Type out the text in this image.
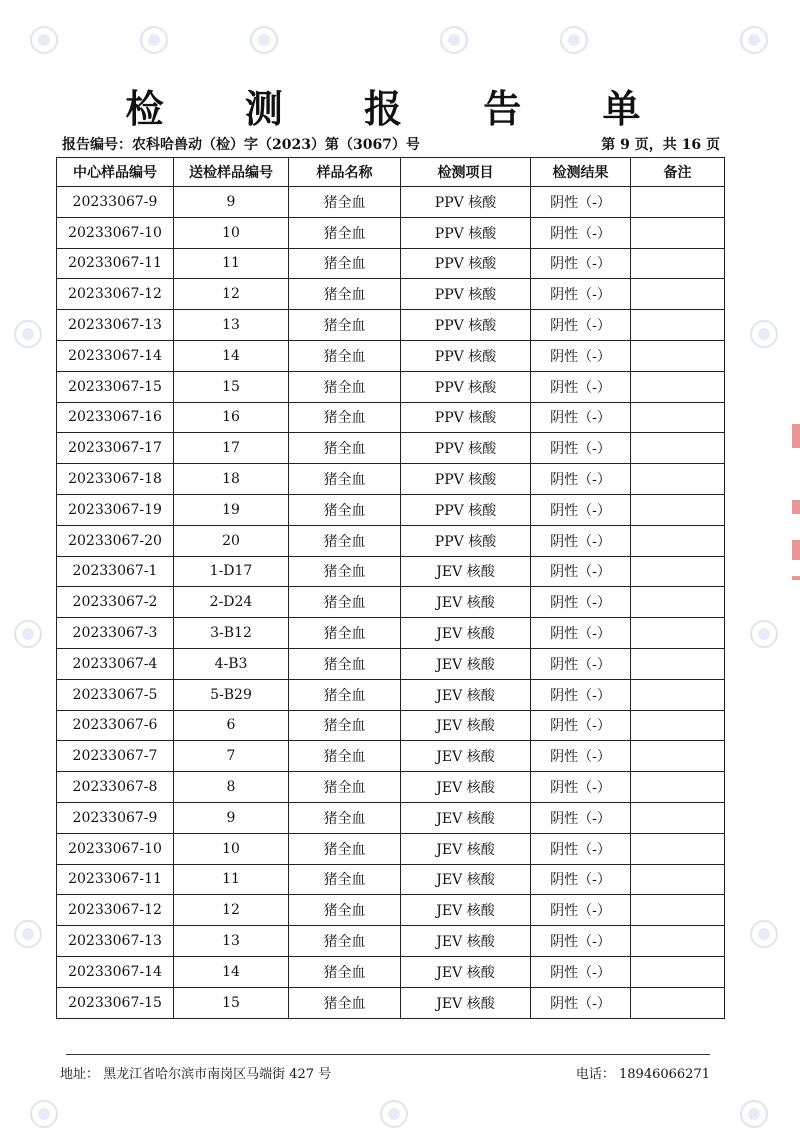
检 测 报 告 单
报告编号：农科哈兽动（检）字（2023）第（3067）号	第 9 页，共 16 页
中心样品编号	送检样品编号	样品名称	检测项目	检测结果	备注
20233067-9	9	猪全血	PPV 核酸	阴性（-）	
20233067-10	10	猪全血	PPV 核酸	阴性（-）	
20233067-11	11	猪全血	PPV 核酸	阴性（-）	
20233067-12	12	猪全血	PPV 核酸	阴性（-）	
20233067-13	13	猪全血	PPV 核酸	阴性（-）	
20233067-14	14	猪全血	PPV 核酸	阴性（-）	
20233067-15	15	猪全血	PPV 核酸	阴性（-）	
20233067-16	16	猪全血	PPV 核酸	阴性（-）	
20233067-17	17	猪全血	PPV 核酸	阴性（-）	
20233067-18	18	猪全血	PPV 核酸	阴性（-）	
20233067-19	19	猪全血	PPV 核酸	阴性（-）	
20233067-20	20	猪全血	PPV 核酸	阴性（-）	
20233067-1	1-D17	猪全血	JEV 核酸	阴性（-）	
20233067-2	2-D24	猪全血	JEV 核酸	阴性（-）	
20233067-3	3-B12	猪全血	JEV 核酸	阴性（-）	
20233067-4	4-B3	猪全血	JEV 核酸	阴性（-）	
20233067-5	5-B29	猪全血	JEV 核酸	阴性（-）	
20233067-6	6	猪全血	JEV 核酸	阴性（-）	
20233067-7	7	猪全血	JEV 核酸	阴性（-）	
20233067-8	8	猪全血	JEV 核酸	阴性（-）	
20233067-9	9	猪全血	JEV 核酸	阴性（-）	
20233067-10	10	猪全血	JEV 核酸	阴性（-）	
20233067-11	11	猪全血	JEV 核酸	阴性（-）	
20233067-12	12	猪全血	JEV 核酸	阴性（-）	
20233067-13	13	猪全血	JEV 核酸	阴性（-）	
20233067-14	14	猪全血	JEV 核酸	阴性（-）	
20233067-15	15	猪全血	JEV 核酸	阴性（-）	
地址： 黑龙江省哈尔滨市南岗区马端街 427 号	电话： 18946066271
